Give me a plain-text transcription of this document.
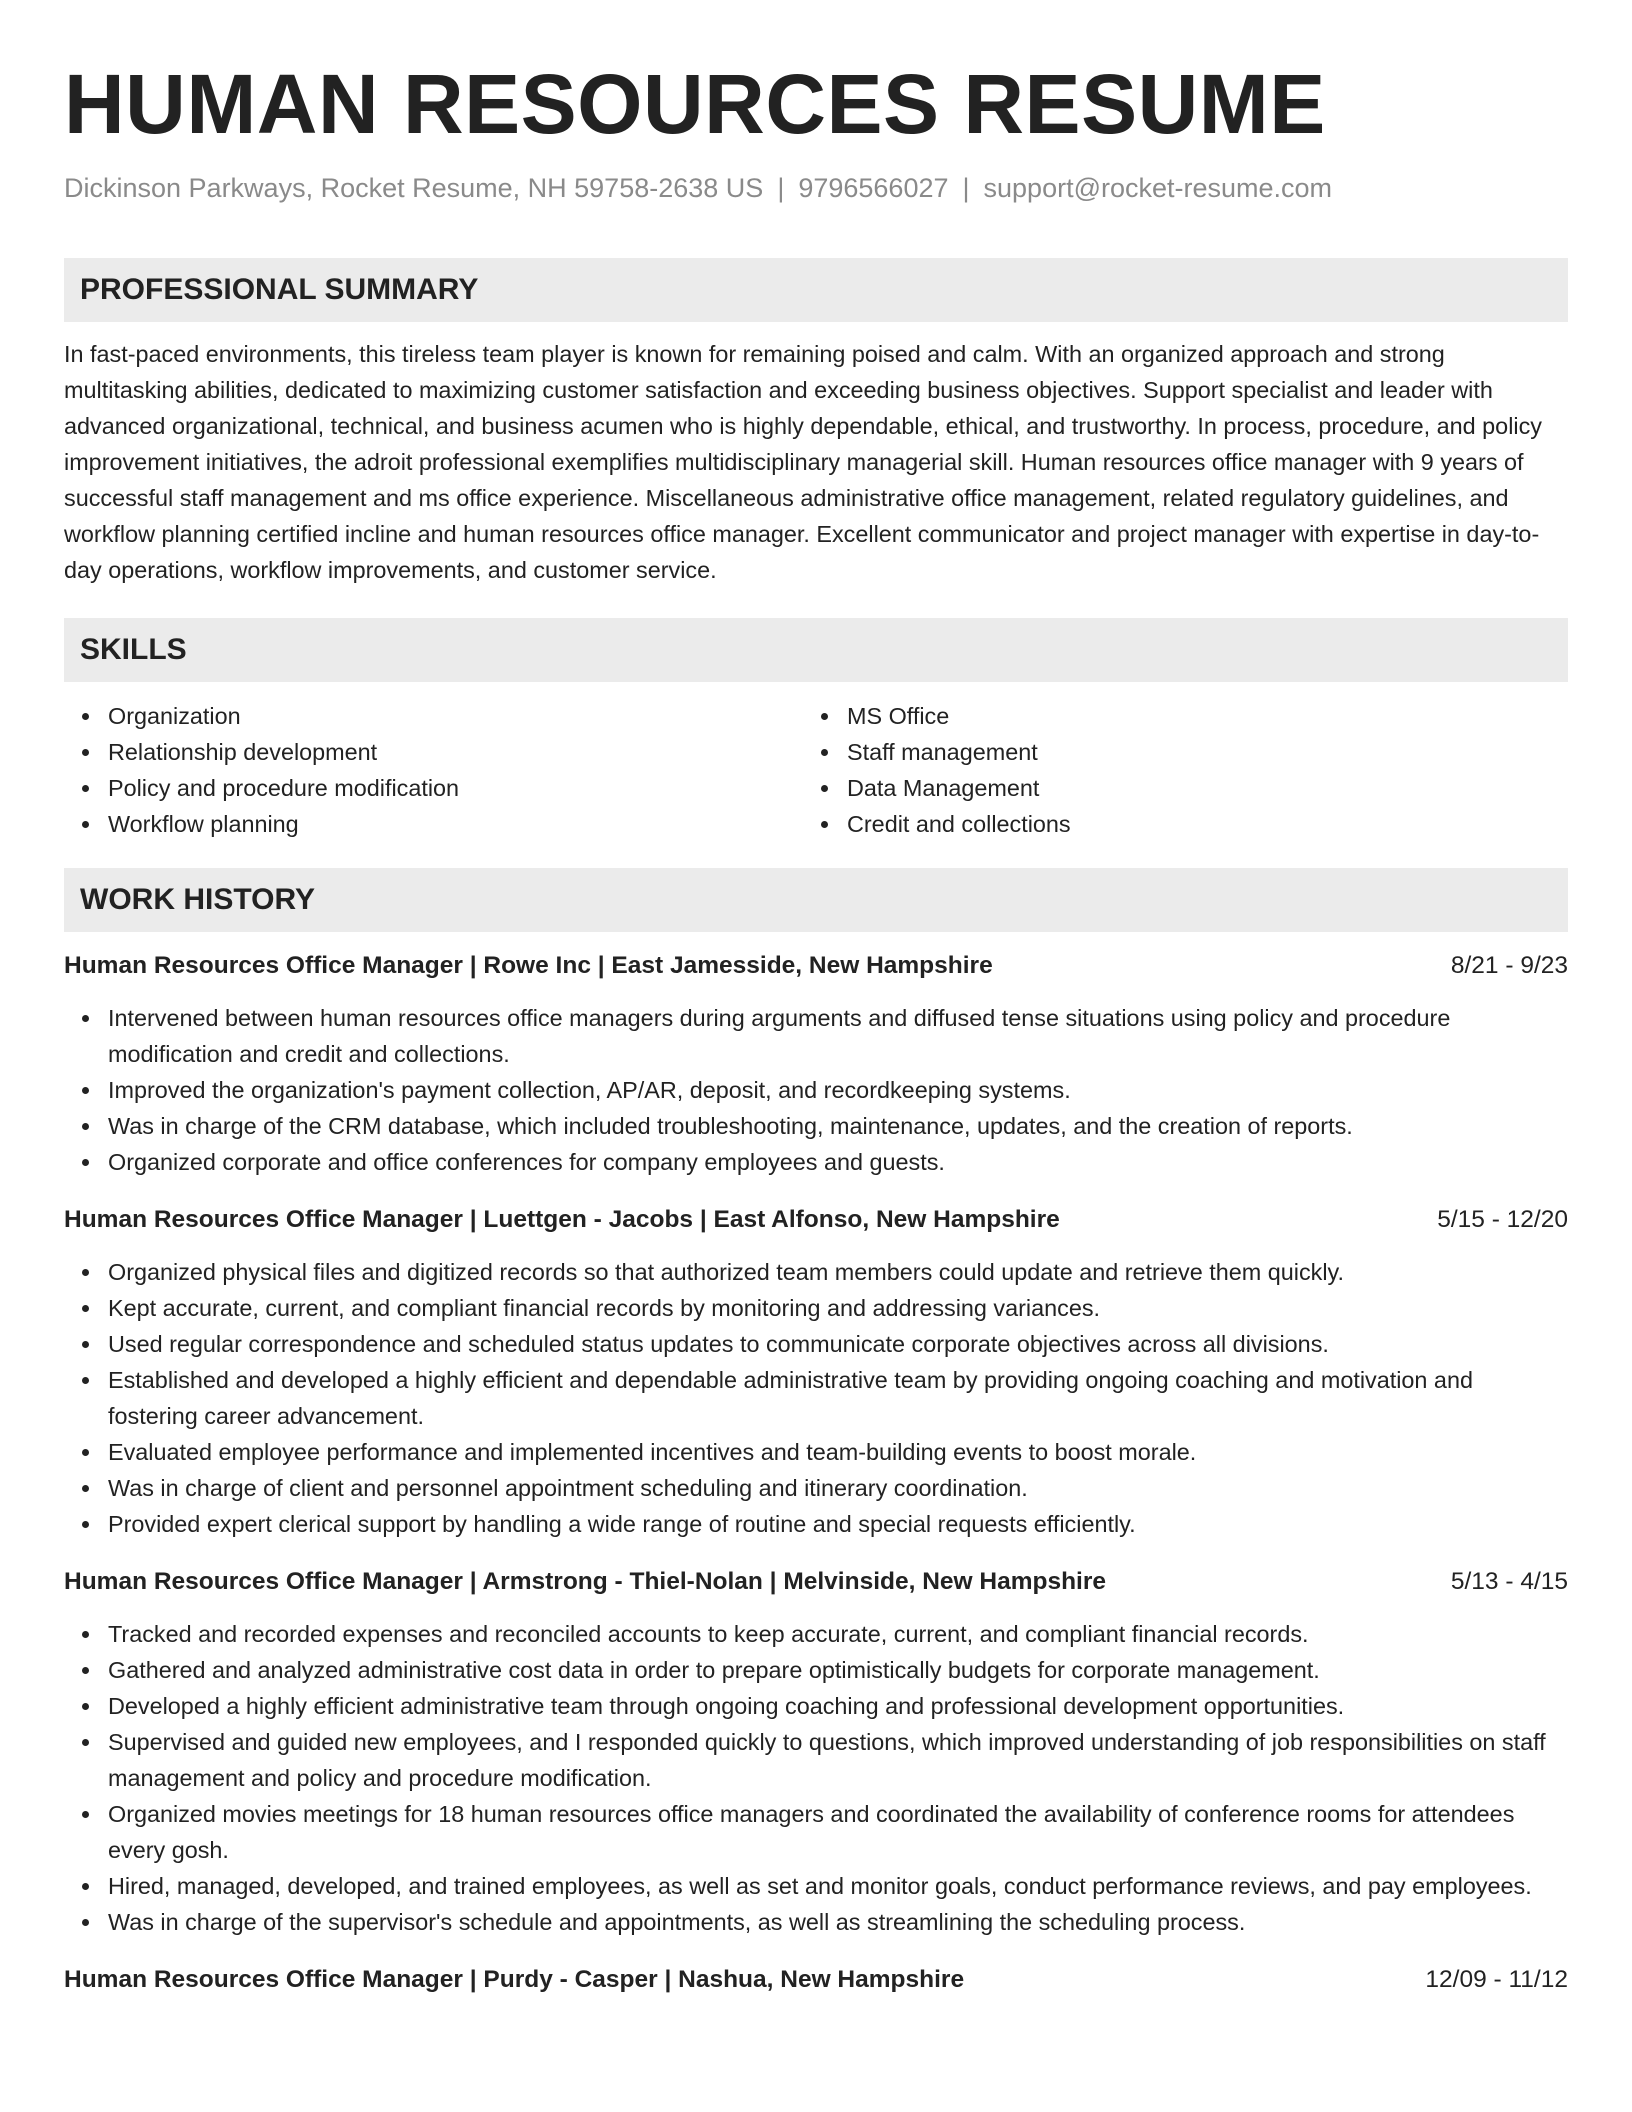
HUMAN RESOURCES RESUME
Dickinson Parkways, Rocket Resume, NH 59758-2638 US | 9796566027 | support@rocket-resume.com
PROFESSIONAL SUMMARY

In fast-paced environments, this tireless team player is known for remaining poised and calm. With an organized approach and strong multitasking abilities, dedicated to maximizing customer satisfaction and exceeding business objectives. Support specialist and leader with advanced organizational, technical, and business acumen who is highly dependable, ethical, and trustworthy. In process, procedure, and policy improvement initiatives, the adroit professional exemplifies multidisciplinary managerial skill. Human resources office manager with 9 years of successful staff management and ms office experience. Miscellaneous administrative office management, related regulatory guidelines, and workflow planning certified incline and human resources office manager. Excellent communicator and project manager with expertise in day-to-day operations, workflow improvements, and customer service.

SKILLS
Organization
Relationship development
Policy and procedure modification
Workflow planning
MS Office
Staff management
Data Management
Credit and collections
WORK HISTORY
Human Resources Office Manager | Rowe Inc | East Jamesside, New Hampshire	8/21 - 9/23
Intervened between human resources office managers during arguments and diffused tense situations using policy and procedure modification and credit and collections.
Improved the organization's payment collection, AP/AR, deposit, and recordkeeping systems.
Was in charge of the CRM database, which included troubleshooting, maintenance, updates, and the creation of reports.
Organized corporate and office conferences for company employees and guests.
Human Resources Office Manager | Luettgen - Jacobs | East Alfonso, New Hampshire	5/15 - 12/20
Organized physical files and digitized records so that authorized team members could update and retrieve them quickly.
Kept accurate, current, and compliant financial records by monitoring and addressing variances.
Used regular correspondence and scheduled status updates to communicate corporate objectives across all divisions.
Established and developed a highly efficient and dependable administrative team by providing ongoing coaching and motivation and fostering career advancement.
Evaluated employee performance and implemented incentives and team-building events to boost morale.
Was in charge of client and personnel appointment scheduling and itinerary coordination.
Provided expert clerical support by handling a wide range of routine and special requests efficiently.
Human Resources Office Manager | Armstrong - Thiel-Nolan | Melvinside, New Hampshire	5/13 - 4/15
Tracked and recorded expenses and reconciled accounts to keep accurate, current, and compliant financial records.
Gathered and analyzed administrative cost data in order to prepare optimistically budgets for corporate management.
Developed a highly efficient administrative team through ongoing coaching and professional development opportunities.
Supervised and guided new employees, and I responded quickly to questions, which improved understanding of job responsibilities on staff management and policy and procedure modification.
Organized movies meetings for 18 human resources office managers and coordinated the availability of conference rooms for attendees every gosh.
Hired, managed, developed, and trained employees, as well as set and monitor goals, conduct performance reviews, and pay employees.
Was in charge of the supervisor's schedule and appointments, as well as streamlining the scheduling process.
Human Resources Office Manager | Purdy - Casper | Nashua, New Hampshire	12/09 - 11/12
